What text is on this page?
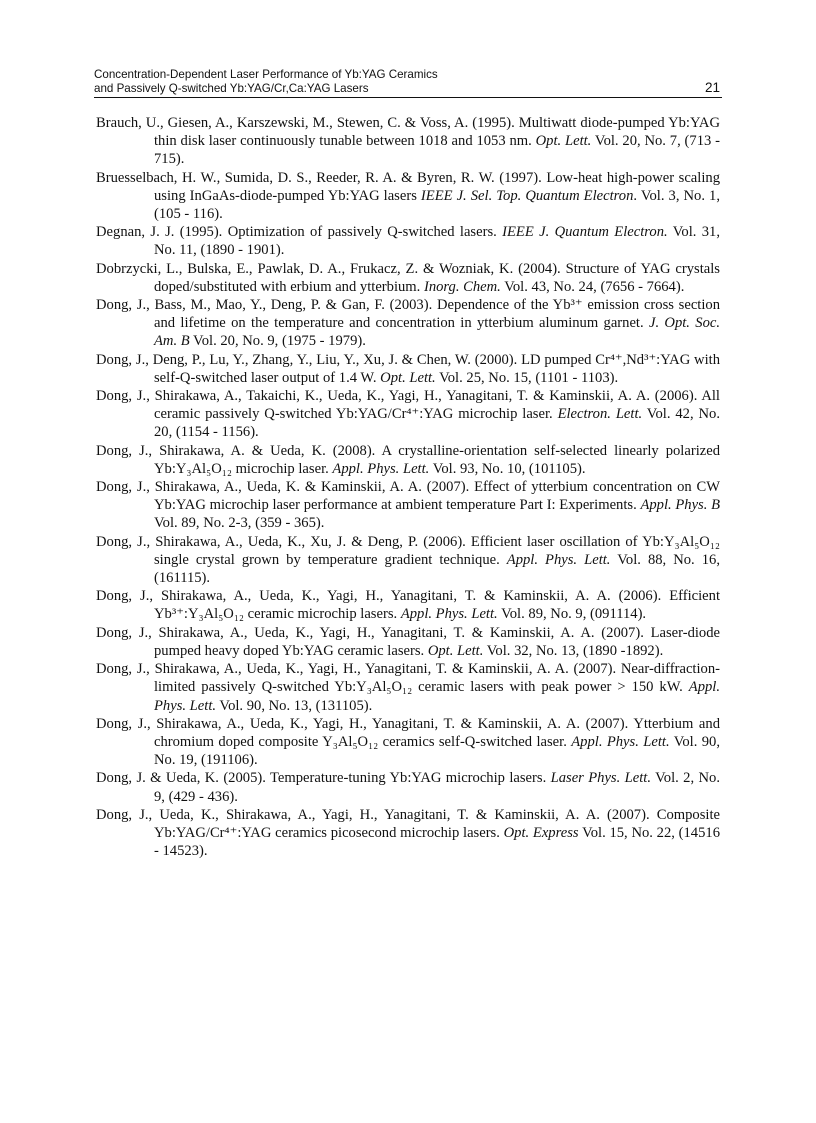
Concentration-Dependent Laser Performance of Yb:YAG Ceramics
and Passively Q-switched Yb:YAG/Cr,Ca:YAG Lasers	21

Brauch, U., Giesen, A., Karszewski, M., Stewen, C. & Voss, A. (1995). Multiwatt diode-pumped Yb:YAG thin disk laser continuously tunable between 1018 and 1053 nm. Opt. Lett. Vol. 20, No. 7, (713 - 715).

Bruesselbach, H. W., Sumida, D. S., Reeder, R. A. & Byren, R. W. (1997). Low-heat high-power scaling using InGaAs-diode-pumped Yb:YAG lasers IEEE J. Sel. Top. Quantum Electron. Vol. 3, No. 1, (105 - 116).

Degnan, J. J. (1995). Optimization of passively Q-switched lasers. IEEE J. Quantum Electron. Vol. 31, No. 11, (1890 - 1901).

Dobrzycki, L., Bulska, E., Pawlak, D. A., Frukacz, Z. & Wozniak, K. (2004). Structure of YAG crystals doped/substituted with erbium and ytterbium. Inorg. Chem. Vol. 43, No. 24, (7656 - 7664).

Dong, J., Bass, M., Mao, Y., Deng, P. & Gan, F. (2003). Dependence of the Yb³⁺ emission cross section and lifetime on the temperature and concentration in ytterbium aluminum garnet. J. Opt. Soc. Am. B Vol. 20, No. 9, (1975 - 1979).

Dong, J., Deng, P., Lu, Y., Zhang, Y., Liu, Y., Xu, J. & Chen, W. (2000). LD pumped Cr⁴⁺,Nd³⁺:YAG with self-Q-switched laser output of 1.4 W. Opt. Lett. Vol. 25, No. 15, (1101 - 1103).

Dong, J., Shirakawa, A., Takaichi, K., Ueda, K., Yagi, H., Yanagitani, T. & Kaminskii, A. A. (2006). All ceramic passively Q-switched Yb:YAG/Cr⁴⁺:YAG microchip laser. Electron. Lett. Vol. 42, No. 20, (1154 - 1156).

Dong, J., Shirakawa, A. & Ueda, K. (2008). A crystalline-orientation self-selected linearly polarized Yb:Y₃Al₅O₁₂ microchip laser. Appl. Phys. Lett. Vol. 93, No. 10, (101105).

Dong, J., Shirakawa, A., Ueda, K. & Kaminskii, A. A. (2007). Effect of ytterbium concentration on CW Yb:YAG microchip laser performance at ambient temperature Part I: Experiments. Appl. Phys. B Vol. 89, No. 2-3, (359 - 365).

Dong, J., Shirakawa, A., Ueda, K., Xu, J. & Deng, P. (2006). Efficient laser oscillation of Yb:Y₃Al₅O₁₂ single crystal grown by temperature gradient technique. Appl. Phys. Lett. Vol. 88, No. 16, (161115).

Dong, J., Shirakawa, A., Ueda, K., Yagi, H., Yanagitani, T. & Kaminskii, A. A. (2006). Efficient Yb³⁺:Y₃Al₅O₁₂ ceramic microchip lasers. Appl. Phys. Lett. Vol. 89, No. 9, (091114).

Dong, J., Shirakawa, A., Ueda, K., Yagi, H., Yanagitani, T. & Kaminskii, A. A. (2007). Laser-diode pumped heavy doped Yb:YAG ceramic lasers. Opt. Lett. Vol. 32, No. 13, (1890 -1892).

Dong, J., Shirakawa, A., Ueda, K., Yagi, H., Yanagitani, T. & Kaminskii, A. A. (2007). Near-diffraction-limited passively Q-switched Yb:Y₃Al₅O₁₂ ceramic lasers with peak power > 150 kW. Appl. Phys. Lett. Vol. 90, No. 13, (131105).

Dong, J., Shirakawa, A., Ueda, K., Yagi, H., Yanagitani, T. & Kaminskii, A. A. (2007). Ytterbium and chromium doped composite Y₃Al₅O₁₂ ceramics self-Q-switched laser. Appl. Phys. Lett. Vol. 90, No. 19, (191106).

Dong, J. & Ueda, K. (2005). Temperature-tuning Yb:YAG microchip lasers. Laser Phys. Lett. Vol. 2, No. 9, (429 - 436).

Dong, J., Ueda, K., Shirakawa, A., Yagi, H., Yanagitani, T. & Kaminskii, A. A. (2007). Composite Yb:YAG/Cr⁴⁺:YAG ceramics picosecond microchip lasers. Opt. Express Vol. 15, No. 22, (14516 - 14523).
